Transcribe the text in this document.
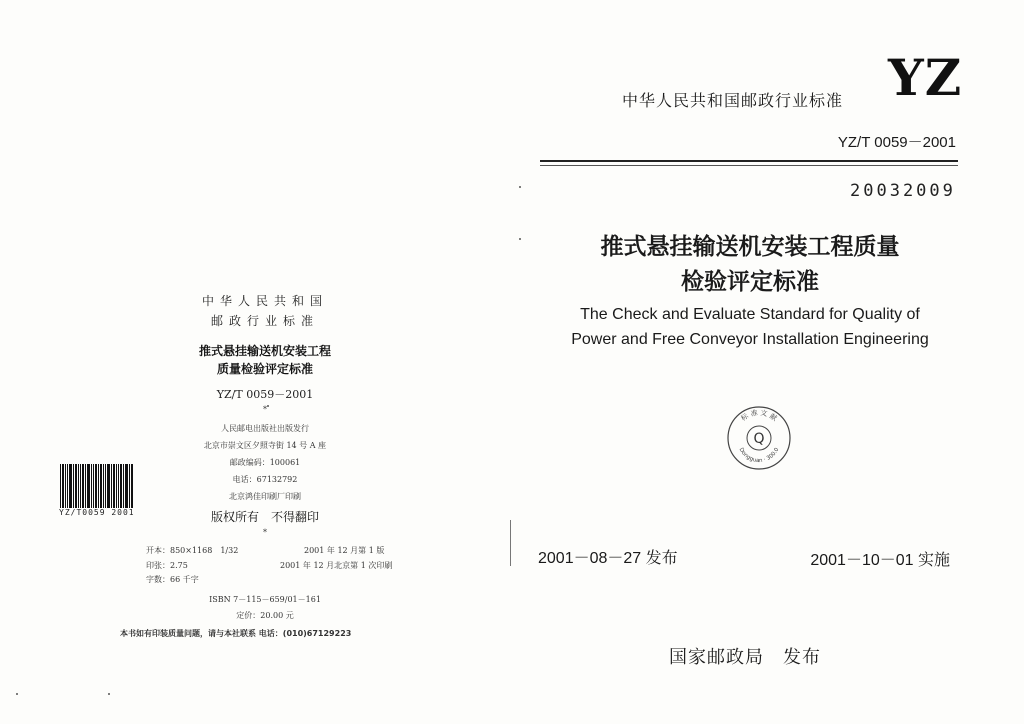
中华人民共和国
邮政行业标准
推式悬挂输送机安装工程
质量检验评定标准
YZ/T 0059－2001
*
人民邮电出版社出版发行
北京市崇文区夕照寺街 14 号 A 座
邮政编码：100061
电话：67132792
北京鸿佳印刷厂印刷
版权所有　不得翻印
*
开本：850×1168　1/32	2001 年 12 月第 1 版
印张：2.75	2001 年 12 月北京第 1 次印刷
字数：66 千字
ISBN 7－115－659/01－161
定价：20.00 元
本书如有印装质量问题，请与本社联系 电话：(010)67129223
YZ/T0059 2001
YZ
中华人民共和国邮政行业标准
YZ/T 0059－2001
20032009
推式悬挂输送机安装工程质量
检验评定标准
The Check and Evaluate Standard for Quality of
Power and Free Conveyor Installation Engineering
Q
标 准 文 献
Dongguan · 300.0
2001－08－27 发布	2001－10－01 实施
国家邮政局　发布
